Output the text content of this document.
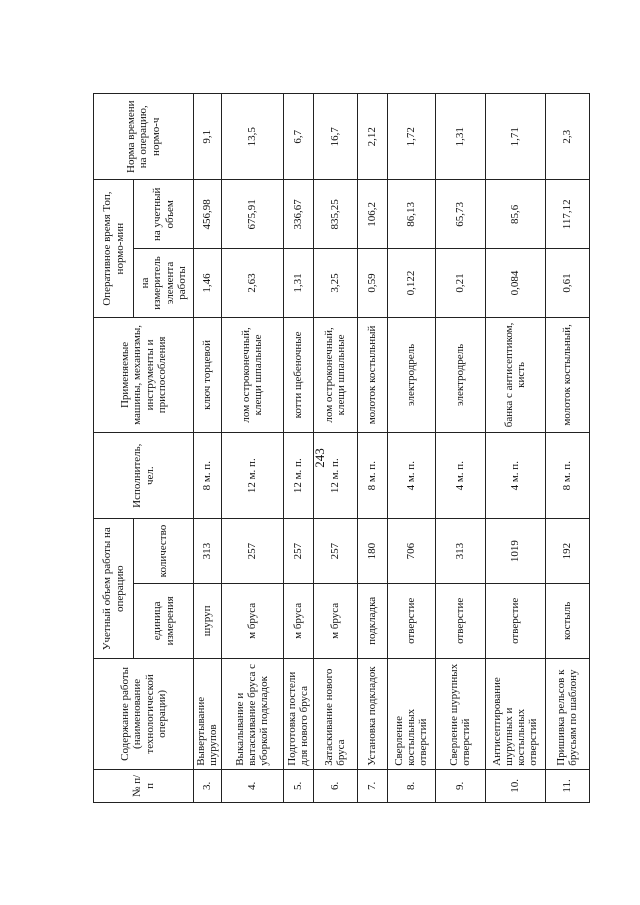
243
№ п/п	Содержание работы (наименование технологической операции)	Учетный объем работы на операцию		Исполнитель, чел.	Применяемые машины, механизмы, инструменты и приспособления	Оперативное время Топ, нормо-мин		Норма времени на операцию, нормо-ч
		единица измерения	количество			на измеритель элемента работы	на учетный объем	
3.	Вывертывание шурупов	шуруп	313	8 м. п.	ключ торцевой	1,46	456,98	9,1
4.	Выкалывание и вытаскивание бруса с уборкой подкладок	м бруса	257	12 м. п.	лом остроконечный, клещи шпальные	2,63	675,91	13,5
5.	Подготовка постели для нового бруса	м бруса	257	12 м. п.	котти щебеночные	1,31	336,67	6,7
6.	Затаскивание нового бруса	м бруса	257	12 м. п.	лом остроконечный, клещи шпальные	3,25	835,25	16,7
7.	Установка подкладок	подкладка	180	8 м. п.	молоток костыльный	0,59	106,2	2,12
8.	Сверление костыльных отверстий	отверстие	706	4 м. п.	электродрель	0,122	86,13	1,72
9.	Сверление шурупных отверстий	отверстие	313	4 м. п.	электродрель	0,21	65,73	1,31
10.	Антисептирование шурупных и костыльных отверстий	отверстие	1019	4 м. п.	банка с антисептиком, кисть	0,084	85,6	1,71
11.	Пришивка рельсов к брусьям по шаблону	костыль	192	8 м. п.	молоток костыльный,	0,61	117,12	2,3
